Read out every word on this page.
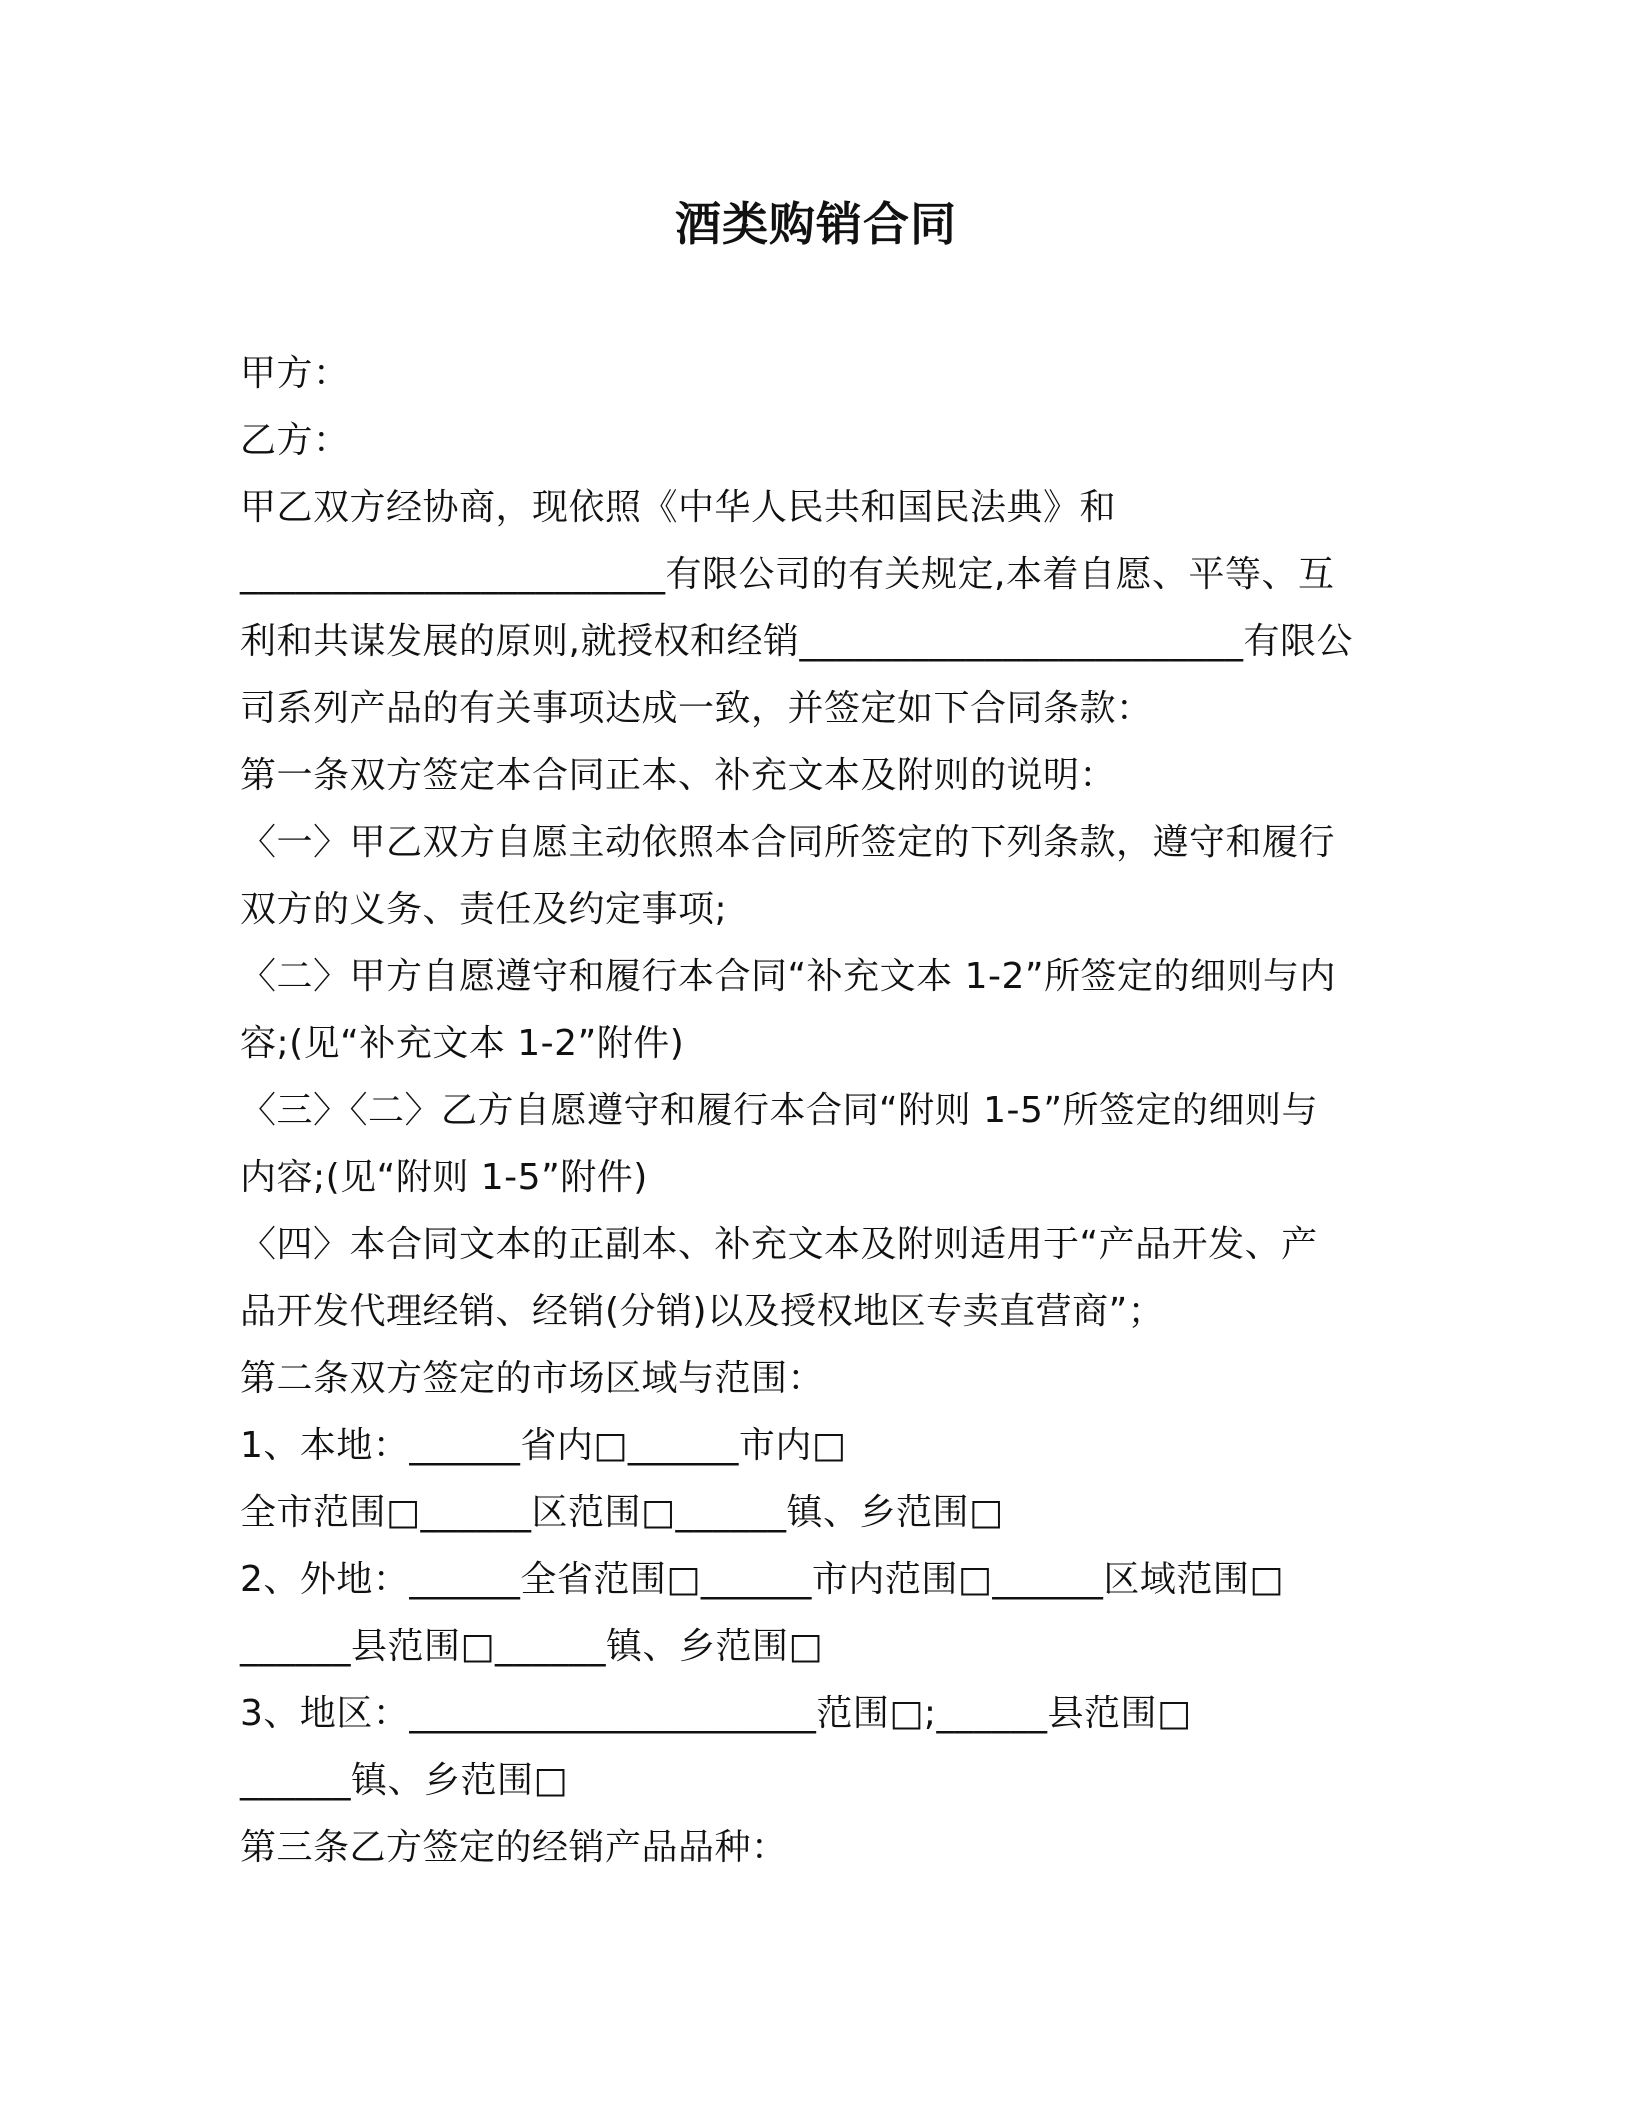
酒类购销合同
甲方：
乙方：
甲乙双方经协商，现依照《中华人民共和国民法典》和
_______________________有限公司的有关规定,本着自愿、平等、互
利和共谋发展的原则,就授权和经销________________________有限公
司系列产品的有关事项达成一致，并签定如下合同条款：
第一条双方签定本合同正本、补充文本及附则的说明：
〈一〉甲乙双方自愿主动依照本合同所签定的下列条款，遵守和履行
双方的义务、责任及约定事项;
〈二〉甲方自愿遵守和履行本合同“补充文本 1-2”所签定的细则与内
容;(见“补充文本 1-2”附件)
〈三〉〈二〉乙方自愿遵守和履行本合同“附则 1-5”所签定的细则与
内容;(见“附则 1-5”附件)
〈四〉本合同文本的正副本、补充文本及附则适用于“产品开发、产
品开发代理经销、经销(分销)以及授权地区专卖直营商”；
第二条双方签定的市场区域与范围：
1、本地：______省内□______市内□
全市范围□______区范围□______镇、乡范围□
2、外地：______全省范围□______市内范围□______区域范围□
______县范围□______镇、乡范围□
3、地区：______________________范围□;______县范围□
______镇、乡范围□
第三条乙方签定的经销产品品种：
